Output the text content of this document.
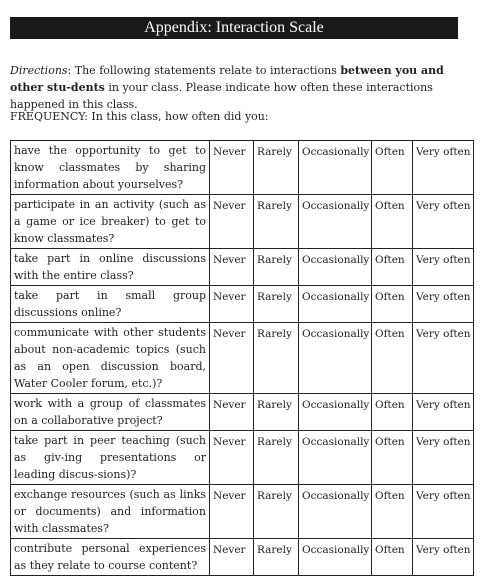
Appendix: Interaction Scale
Directions: The following statements relate to interactions between you and other stu-dents in your class. Please indicate how often these interactions happened in this class.
FREQUENCY: In this class, how often did you:
have the opportunity to get to know classmates by sharing information about yourselves?	Never	Rarely	Occasionally	Often	Very often
participate in an activity (such as a game or ice breaker) to get to know classmates?	Never	Rarely	Occasionally	Often	Very often
take part in online discussions with the entire class?	Never	Rarely	Occasionally	Often	Very often
take part in small group discussions online?	Never	Rarely	Occasionally	Often	Very often
communicate with other students about non-academic topics (such as an open discussion board, Water Cooler forum, etc.)?	Never	Rarely	Occasionally	Often	Very often
work with a group of classmates on a collaborative project?	Never	Rarely	Occasionally	Often	Very often
take part in peer teaching (such as giv-ing presentations or leading discus-sions)?	Never	Rarely	Occasionally	Often	Very often
exchange resources (such as links or documents) and information with classmates?	Never	Rarely	Occasionally	Often	Very often
contribute personal experiences as they relate to course content?	Never	Rarely	Occasionally	Often	Very often
